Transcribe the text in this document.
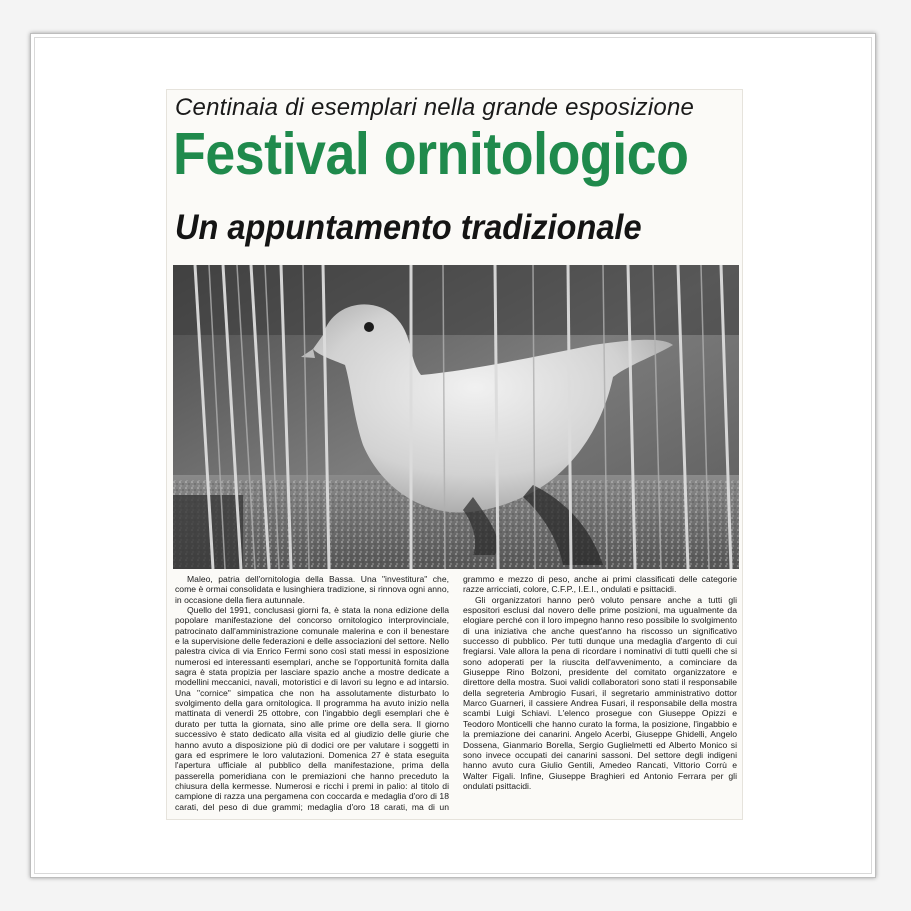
Centinaia di esemplari nella grande esposizione
Festival ornitologico
Un appuntamento tradizionale

Maleo, patria dell'ornitologia della Bassa. Una "investitura" che, come è ormai consolidata e lusinghiera tradizione, si rinnova ogni anno, in occasione della fiera autunnale.

Quello del 1991, conclusasi giorni fa, è stata la nona edizione della popolare manifestazione del concorso ornitologico interprovinciale, patrocinato dall'amministrazione comunale malerina e con il benestare e la supervisione delle federazioni e delle associazioni del settore. Nello palestra civica di via Enrico Fermi sono così stati messi in esposizione numerosi ed interessanti esemplari, anche se l'opportunità fornita dalla sagra è stata propizia per lasciare spazio anche a mostre dedicate a modellini meccanici, navali, motoristici e di lavori su legno e ad intarsio. Una "cornice" simpatica che non ha assolutamente disturbato lo svolgimento della gara ornitologica. Il programma ha avuto inizio nella mattinata di venerdì 25 ottobre, con l'ingabbio degli esemplari che è durato per tutta la giornata, sino alle prime ore della sera. Il giorno successivo è stato dedicato alla visita ed al giudizio delle giurie che hanno avuto a disposizione più di dodici ore per valutare i soggetti in gara ed esprimere le loro valutazioni. Domenica 27 è stata eseguita l'apertura ufficiale al pubblico della manifestazione, prima della passerella pomeridiana con le premiazioni che hanno preceduto la chiusura della kermesse. Numerosi e ricchi i premi in palio: al titolo di campione di razza una pergamena con coccarda e medaglia d'oro di 18 carati, del peso di due grammi; medaglia d'oro 18 carati, ma di un grammo e mezzo di peso, anche ai primi classificati delle categorie razze arricciati, colore, C.F.P., I.E.I., ondulati e psittacidi.

Gli organizzatori hanno però voluto pensare anche a tutti gli espositori esclusi dal novero delle prime posizioni, ma ugualmente da elogiare perché con il loro impegno hanno reso possibile lo svolgimento di una iniziativa che anche quest'anno ha riscosso un significativo successo di pubblico. Per tutti dunque una medaglia d'argento di cui fregiarsi. Vale allora la pena di ricordare i nominativi di tutti quelli che si sono adoperati per la riuscita dell'avvenimento, a cominciare da Giuseppe Rino Bolzoni, presidente del comitato organizzatore e direttore della mostra. Suoi validi collaboratori sono stati il responsabile della segreteria Ambrogio Fusari, il segretario amministrativo dottor Marco Guarneri, il cassiere Andrea Fusari, il responsabile della mostra scambi Luigi Schiavi. L'elenco prosegue con Giuseppe Opizzi e Teodoro Monticelli che hanno curato la forma, la posizione, l'ingabbio e la premiazione dei canarini. Angelo Acerbi, Giuseppe Ghidelli, Angelo Dossena, Gianmario Borella, Sergio Guglielmetti ed Alberto Monico si sono invece occupati dei canarini sassoni. Del settore degli indigeni hanno avuto cura Giulio Gentili, Amedeo Rancati, Vittorio Corrù e Walter Figali. Infine, Giuseppe Braghieri ed Antonio Ferrara per gli ondulati psittacidi.
